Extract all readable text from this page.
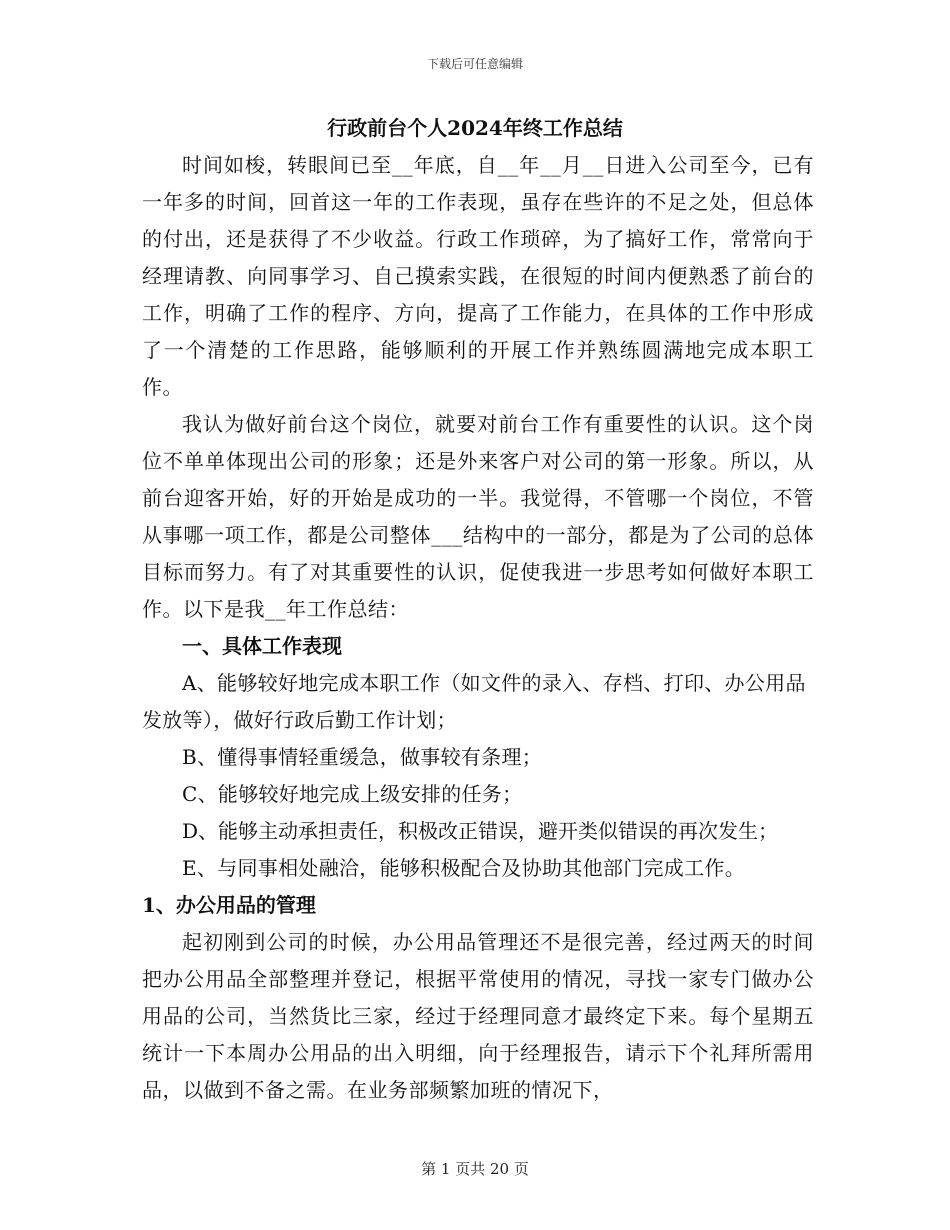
下载后可任意编辑
行政前台个人2024年终工作总结

时间如梭，转眼间已至__年底，自__年__月__日进入公司至今，已有一年多的时间，回首这一年的工作表现，虽存在些许的不足之处，但总体的付出，还是获得了不少收益。行政工作琐碎，为了搞好工作，常常向于经理请教、向同事学习、自己摸索实践，在很短的时间内便熟悉了前台的工作，明确了工作的程序、方向，提高了工作能力，在具体的工作中形成了一个清楚的工作思路，能够顺利的开展工作并熟练圆满地完成本职工作。

我认为做好前台这个岗位，就要对前台工作有重要性的认识。这个岗位不单单体现出公司的形象；还是外来客户对公司的第一形象。所以，从前台迎客开始，好的开始是成功的一半。我觉得，不管哪一个岗位，不管从事哪一项工作，都是公司整体___结构中的一部分，都是为了公司的总体目标而努力。有了对其重要性的认识，促使我进一步思考如何做好本职工作。以下是我__年工作总结：

一、具体工作表现

A、能够较好地完成本职工作（如文件的录入、存档、打印、办公用品发放等），做好行政后勤工作计划；

B、懂得事情轻重缓急，做事较有条理；

C、能够较好地完成上级安排的任务；

D、能够主动承担责任，积极改正错误，避开类似错误的再次发生；

E、与同事相处融洽，能够积极配合及协助其他部门完成工作。

1、办公用品的管理

起初刚到公司的时候，办公用品管理还不是很完善，经过两天的时间把办公用品全部整理并登记，根据平常使用的情况，寻找一家专门做办公用品的公司，当然货比三家，经过于经理同意才最终定下来。每个星期五统计一下本周办公用品的出入明细，向于经理报告，请示下个礼拜所需用品，以做到不备之需。在业务部频繁加班的情况下，

第 1 页共 20 页
